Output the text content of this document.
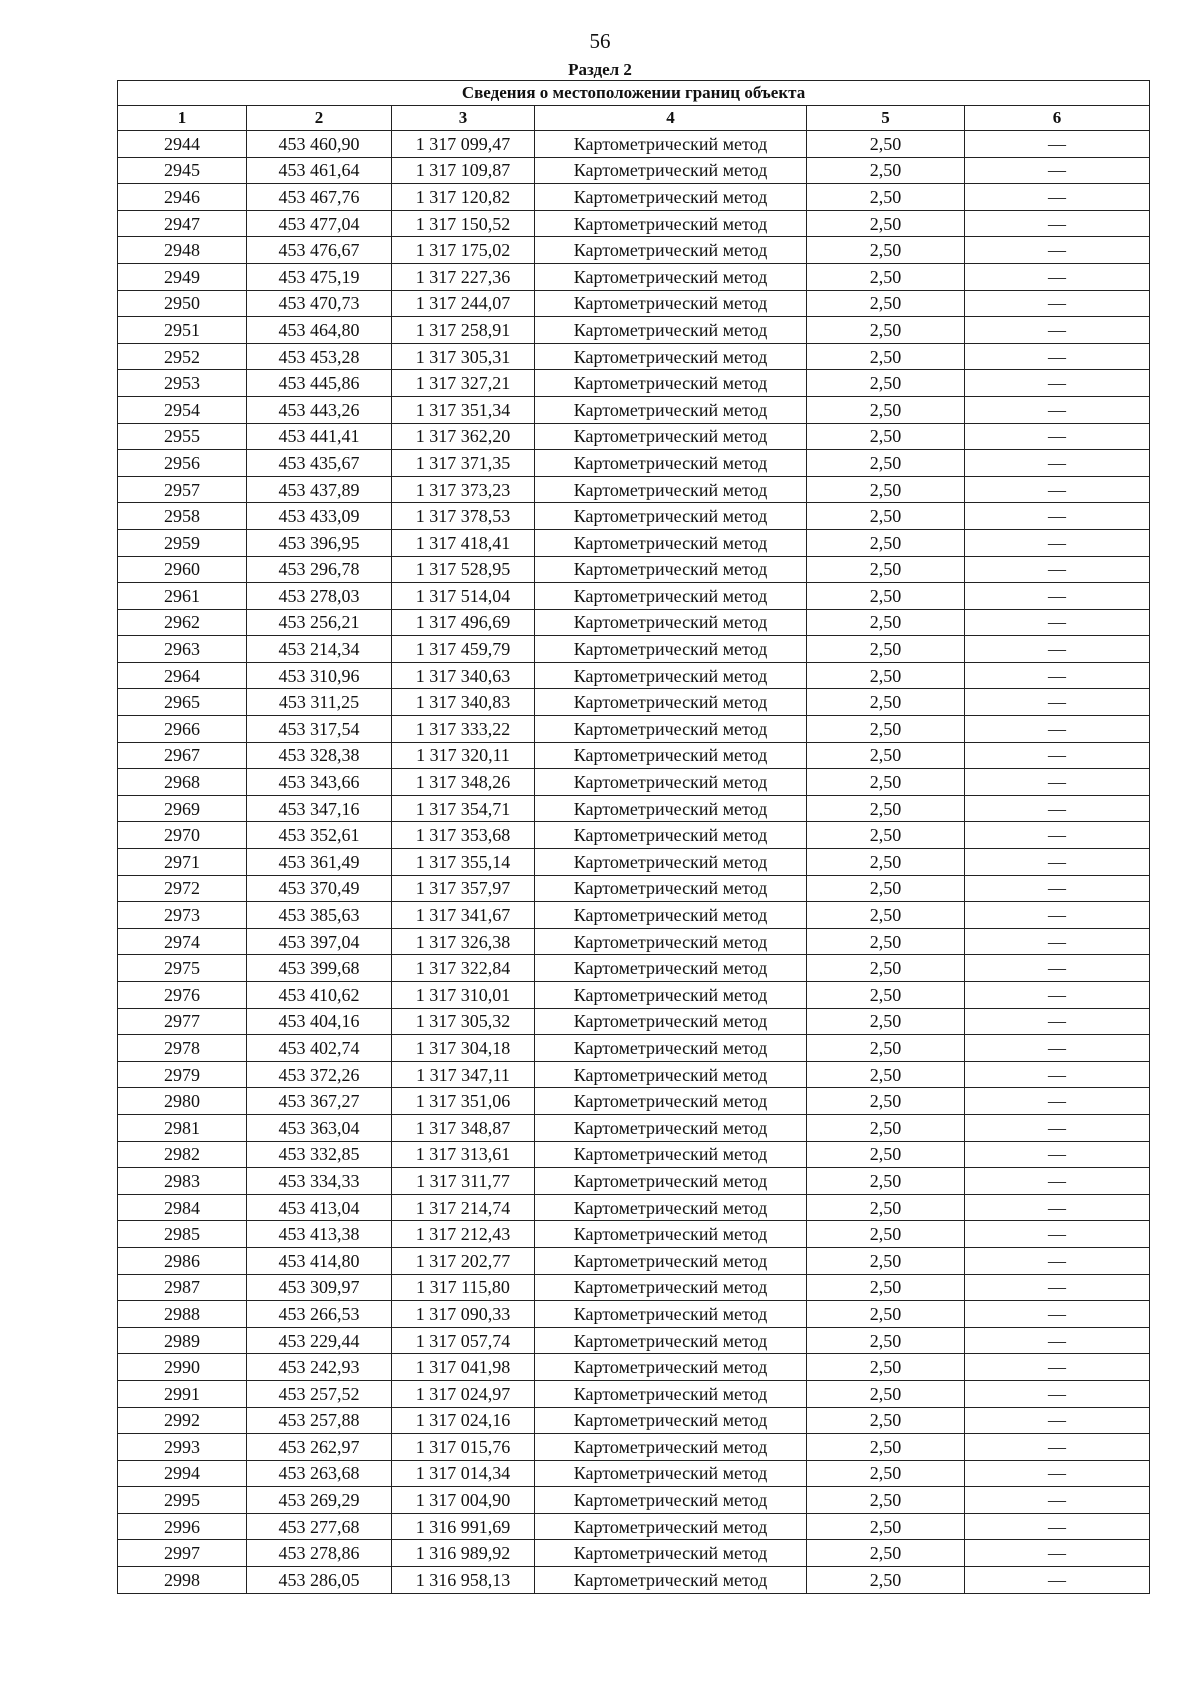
56
Раздел 2
Сведения о местоположении границ объекта					
1	2	3	4	5	6
2944	453 460,90	1 317 099,47	Картометрический метод	2,50	—
2945	453 461,64	1 317 109,87	Картометрический метод	2,50	—
2946	453 467,76	1 317 120,82	Картометрический метод	2,50	—
2947	453 477,04	1 317 150,52	Картометрический метод	2,50	—
2948	453 476,67	1 317 175,02	Картометрический метод	2,50	—
2949	453 475,19	1 317 227,36	Картометрический метод	2,50	—
2950	453 470,73	1 317 244,07	Картометрический метод	2,50	—
2951	453 464,80	1 317 258,91	Картометрический метод	2,50	—
2952	453 453,28	1 317 305,31	Картометрический метод	2,50	—
2953	453 445,86	1 317 327,21	Картометрический метод	2,50	—
2954	453 443,26	1 317 351,34	Картометрический метод	2,50	—
2955	453 441,41	1 317 362,20	Картометрический метод	2,50	—
2956	453 435,67	1 317 371,35	Картометрический метод	2,50	—
2957	453 437,89	1 317 373,23	Картометрический метод	2,50	—
2958	453 433,09	1 317 378,53	Картометрический метод	2,50	—
2959	453 396,95	1 317 418,41	Картометрический метод	2,50	—
2960	453 296,78	1 317 528,95	Картометрический метод	2,50	—
2961	453 278,03	1 317 514,04	Картометрический метод	2,50	—
2962	453 256,21	1 317 496,69	Картометрический метод	2,50	—
2963	453 214,34	1 317 459,79	Картометрический метод	2,50	—
2964	453 310,96	1 317 340,63	Картометрический метод	2,50	—
2965	453 311,25	1 317 340,83	Картометрический метод	2,50	—
2966	453 317,54	1 317 333,22	Картометрический метод	2,50	—
2967	453 328,38	1 317 320,11	Картометрический метод	2,50	—
2968	453 343,66	1 317 348,26	Картометрический метод	2,50	—
2969	453 347,16	1 317 354,71	Картометрический метод	2,50	—
2970	453 352,61	1 317 353,68	Картометрический метод	2,50	—
2971	453 361,49	1 317 355,14	Картометрический метод	2,50	—
2972	453 370,49	1 317 357,97	Картометрический метод	2,50	—
2973	453 385,63	1 317 341,67	Картометрический метод	2,50	—
2974	453 397,04	1 317 326,38	Картометрический метод	2,50	—
2975	453 399,68	1 317 322,84	Картометрический метод	2,50	—
2976	453 410,62	1 317 310,01	Картометрический метод	2,50	—
2977	453 404,16	1 317 305,32	Картометрический метод	2,50	—
2978	453 402,74	1 317 304,18	Картометрический метод	2,50	—
2979	453 372,26	1 317 347,11	Картометрический метод	2,50	—
2980	453 367,27	1 317 351,06	Картометрический метод	2,50	—
2981	453 363,04	1 317 348,87	Картометрический метод	2,50	—
2982	453 332,85	1 317 313,61	Картометрический метод	2,50	—
2983	453 334,33	1 317 311,77	Картометрический метод	2,50	—
2984	453 413,04	1 317 214,74	Картометрический метод	2,50	—
2985	453 413,38	1 317 212,43	Картометрический метод	2,50	—
2986	453 414,80	1 317 202,77	Картометрический метод	2,50	—
2987	453 309,97	1 317 115,80	Картометрический метод	2,50	—
2988	453 266,53	1 317 090,33	Картометрический метод	2,50	—
2989	453 229,44	1 317 057,74	Картометрический метод	2,50	—
2990	453 242,93	1 317 041,98	Картометрический метод	2,50	—
2991	453 257,52	1 317 024,97	Картометрический метод	2,50	—
2992	453 257,88	1 317 024,16	Картометрический метод	2,50	—
2993	453 262,97	1 317 015,76	Картометрический метод	2,50	—
2994	453 263,68	1 317 014,34	Картометрический метод	2,50	—
2995	453 269,29	1 317 004,90	Картометрический метод	2,50	—
2996	453 277,68	1 316 991,69	Картометрический метод	2,50	—
2997	453 278,86	1 316 989,92	Картометрический метод	2,50	—
2998	453 286,05	1 316 958,13	Картометрический метод	2,50	—
